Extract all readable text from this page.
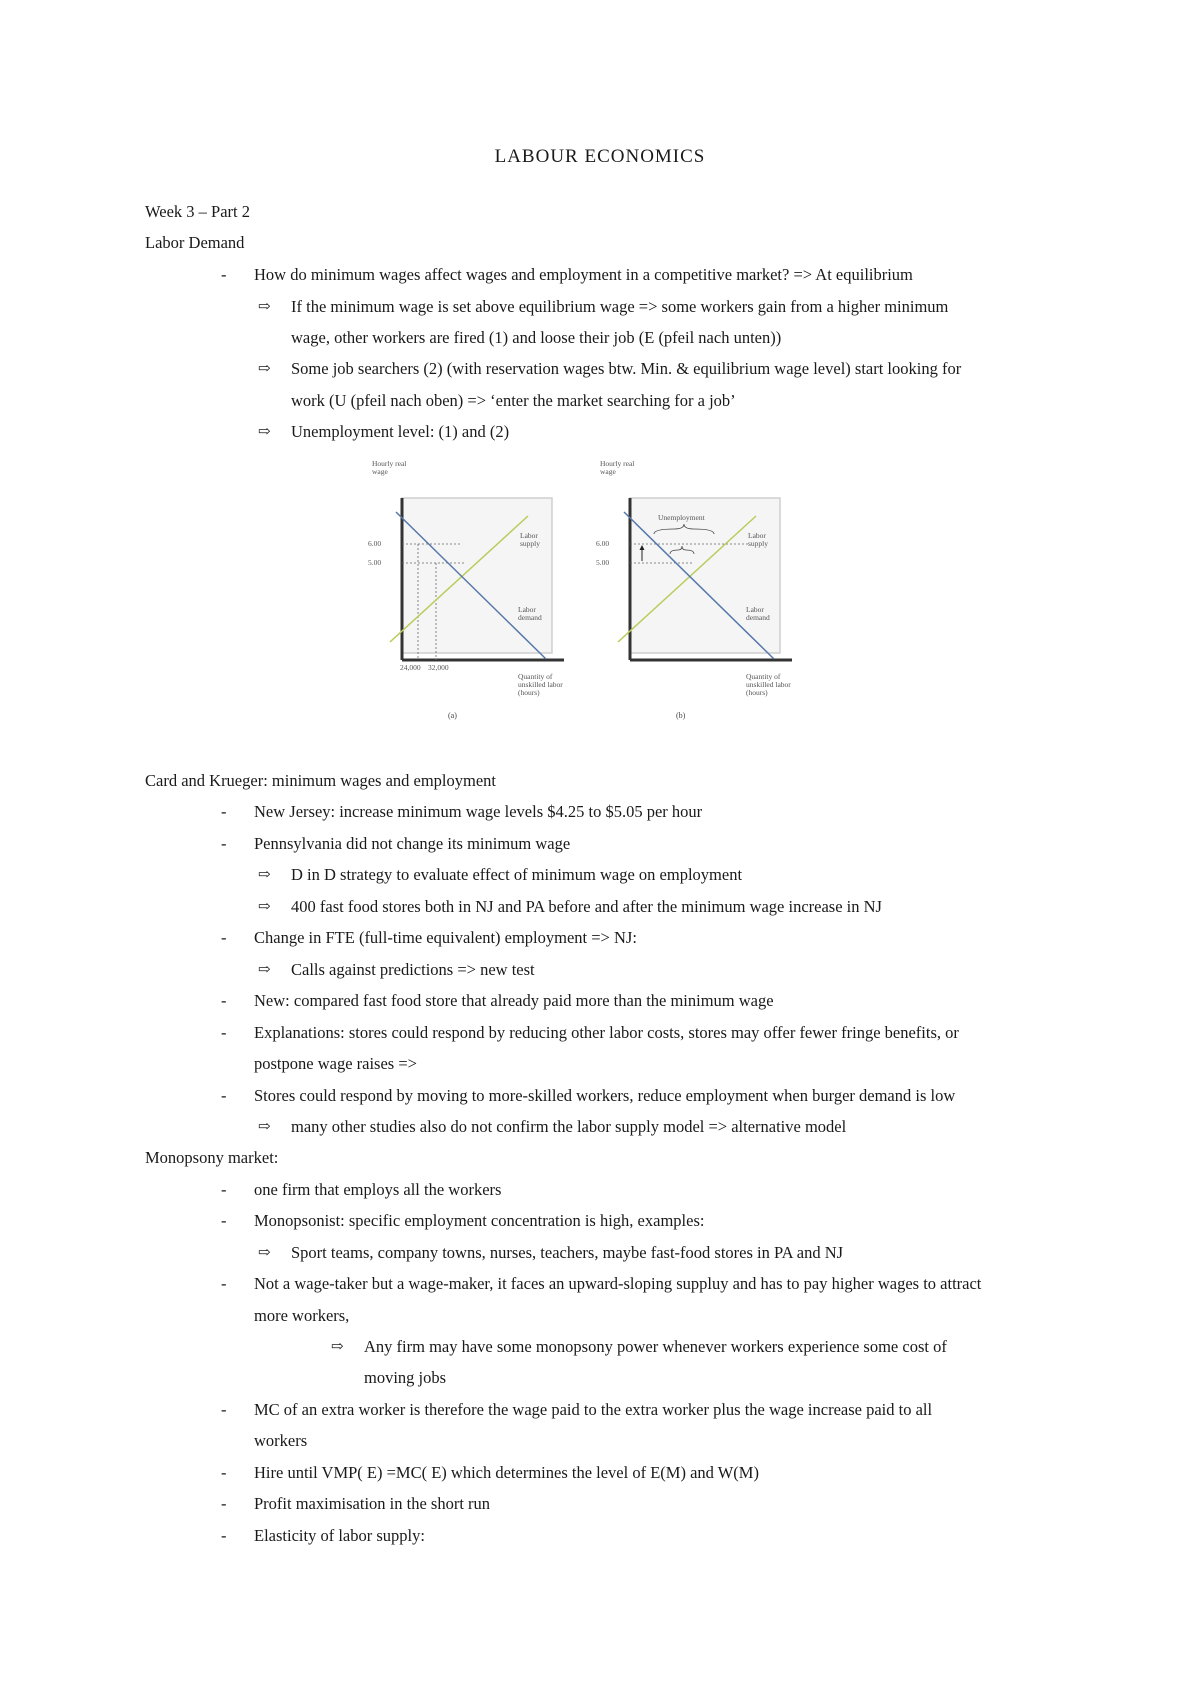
LABOUR ECONOMICS
Week 3 – Part 2
Labor Demand
- How do minimum wages affect wages and employment in a competitive market? => At equilibrium
⇨ If the minimum wage is set above equilibrium wage => some workers gain from a higher minimum
wage, other workers are fired (1) and loose their job (E (pfeil nach unten))
⇨ Some job searchers (2) (with reservation wages btw. Min. & equilibrium wage level) start looking for
work (U (pfeil nach oben) => ‘enter the market searching for a job’
⇨ Unemployment level: (1) and (2)
Hourly real wage
6.00
5.00
24,000 32,000
Labor supply
Labor demand
Quantity of unskilled labor (hours)
(a)
Hourly real wage
Unemployment
6.00
5.00
Labor supply
Labor demand
Quantity of unskilled labor (hours)
(b)
Card and Krueger: minimum wages and employment
- New Jersey: increase minimum wage levels $4.25 to $5.05 per hour
- Pennsylvania did not change its minimum wage
⇨ D in D strategy to evaluate effect of minimum wage on employment
⇨ 400 fast food stores both in NJ and PA before and after the minimum wage increase in NJ
- Change in FTE (full-time equivalent) employment => NJ:
⇨ Calls against predictions => new test
- New: compared fast food store that already paid more than the minimum wage
- Explanations: stores could respond by reducing other labor costs, stores may offer fewer fringe benefits, or
postpone wage raises =>
- Stores could respond by moving to more-skilled workers, reduce employment when burger demand is low
⇨ many other studies also do not confirm the labor supply model => alternative model
Monopsony market:
- one firm that employs all the workers
- Monopsonist: specific employment concentration is high, examples:
⇨ Sport teams, company towns, nurses, teachers, maybe fast-food stores in PA and NJ
- Not a wage-taker but a wage-maker, it faces an upward-sloping suppluy and has to pay higher wages to attract
more workers,
⇨ Any firm may have some monopsony power whenever workers experience some cost of
moving jobs
- MC of an extra worker is therefore the wage paid to the extra worker plus the wage increase paid to all
workers
- Hire until VMP( E) =MC( E) which determines the level of E(M) and W(M)
- Profit maximisation in the short run
- Elasticity of labor supply:
